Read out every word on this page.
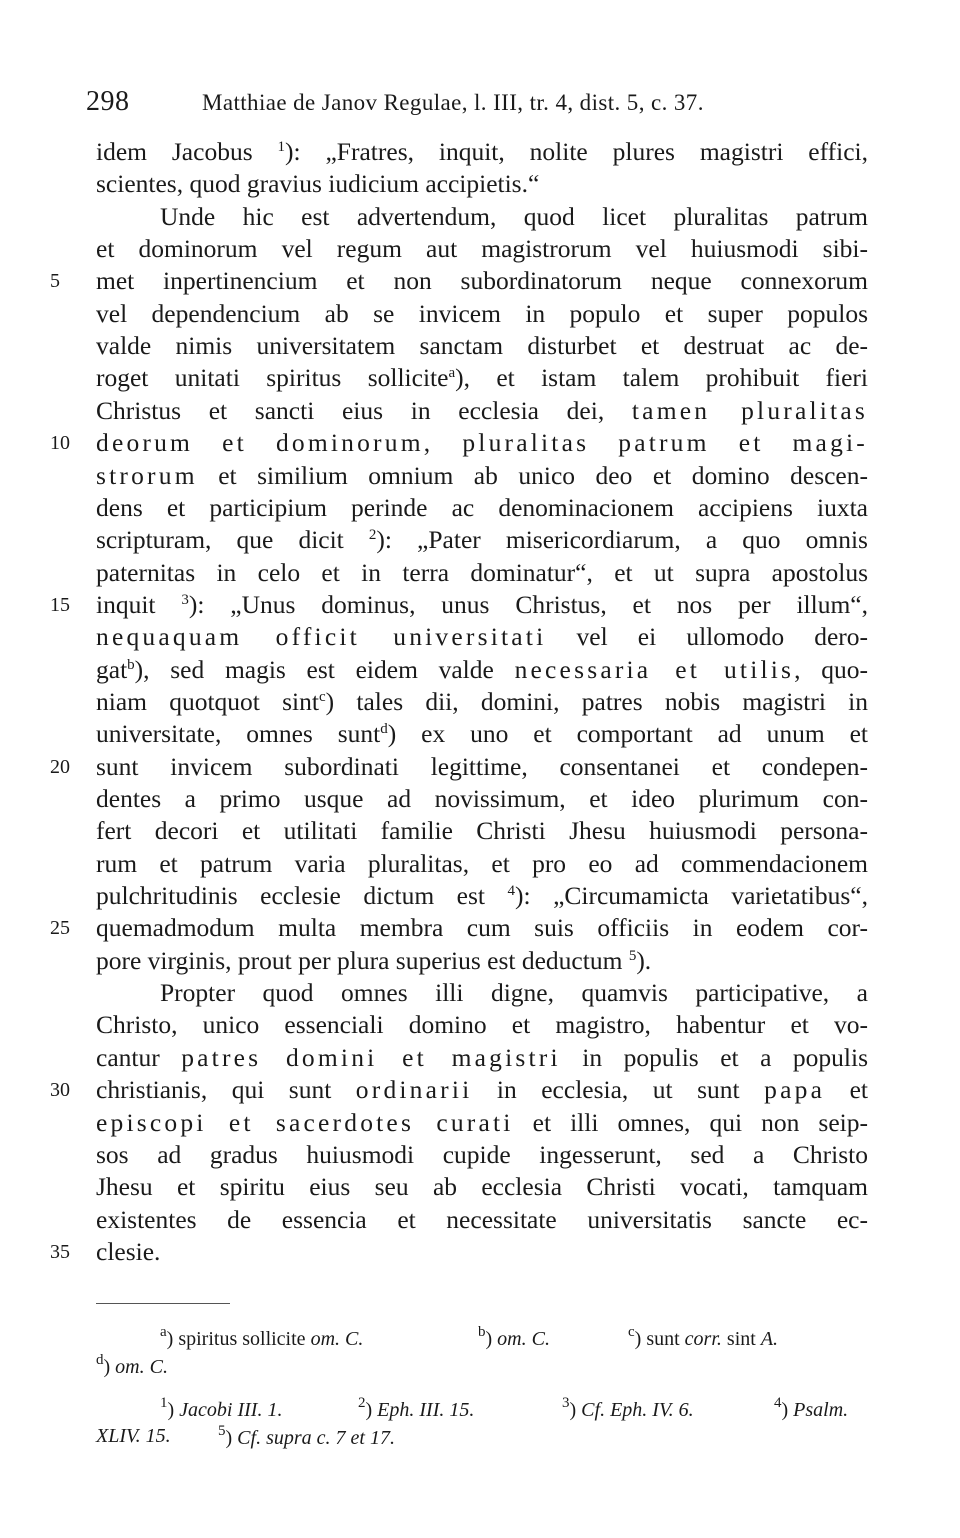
298	Matthiae de Janov Regulae, l. III, tr. 4, dist. 5, c. 37.
idem Jacobus $^1$): „Fratres, inquit, nolite plures magistri effici,
scientes, quod gravius iudicium accipietis.“
Unde hic est advertendum, quod licet pluralitas patrum
et dominorum vel regum aut magistrorum vel huiusmodi sibi-
met inpertinencium et non subordinatorum neque connexorum
vel dependencium ab se invicem in populo et super populos
valde nimis universitatem sanctam disturbet et destruat ac de-
roget unitati spiritus sollicite$^a$), et istam talem prohibuit fieri
Christus et sancti eius in ecclesia dei, tamen pluralitas
deorum et dominorum, pluralitas patrum et magi-
strorum et similium omnium ab unico deo et domino descen-
dens et participium perinde ac denominacionem accipiens iuxta
scripturam, que dicit $^2$): „Pater misericordiarum, a quo omnis
paternitas in celo et in terra dominatur“, et ut supra apostolus
inquit $^3$): „Unus dominus, unus Christus, et nos per illum“,
nequaquam officit universitati vel ei ullomodo dero-
gat$^b$), sed magis est eidem valde necessaria et utilis, quo-
niam quotquot sint$^c$) tales dii, domini, patres nobis magistri in
universitate, omnes sunt$^d$) ex uno et comportant ad unum et
sunt invicem subordinati legittime, consentanei et condepen-
dentes a primo usque ad novissimum, et ideo plurimum con-
fert decori et utilitati familie Christi Jhesu huiusmodi persona-
rum et patrum varia pluralitas, et pro eo ad commendacionem
pulchritudinis ecclesie dictum est $^4$): „Circumamicta varietatibus“,
quemadmodum multa membra cum suis officiis in eodem cor-
pore virginis, prout per plura superius est deductum $^5$).
Propter quod omnes illi digne, quamvis participative, a
Christo, unico essenciali domino et magistro, habentur et vo-
cantur patres domini et magistri in populis et a populis
christianis, qui sunt ordinarii in ecclesia, ut sunt papa et
episcopi et sacerdotes curati et illi omnes, qui non seip-
sos ad gradus huiusmodi cupide ingesserunt, sed a Christo
Jhesu et spiritu eius seu ab ecclesia Christi vocati, tamquam
existentes de essencia et necessitate universitatis sancte ec-
clesie.
5
10
15
20
25
30
35
$^a$) spiritus sollicite om. C.	$^b$) om. C.	$^c$) sunt corr. sint A.
$^d$) om. C.
$^1$) Jacobi III. 1.	$^2$) Eph. III. 15.	$^3$) Cf. Eph. IV. 6.	$^4$) Psalm.
XLIV. 15.	$^5$) Cf. supra c. 7 et 17.
